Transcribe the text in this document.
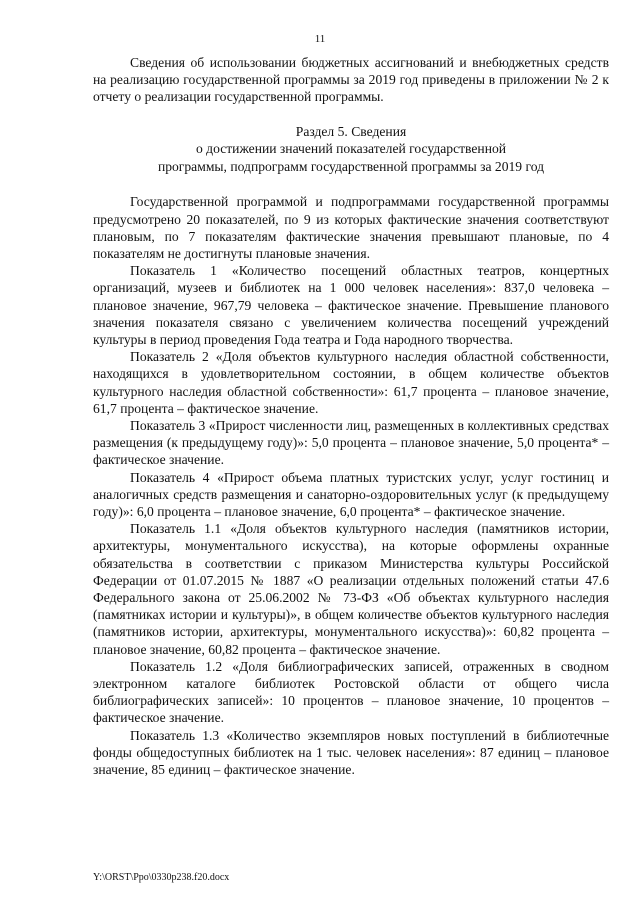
11

Сведения об использовании бюджетных ассигнований и внебюджетных средств на реализацию государственной программы за 2019 год приведены в приложении № 2 к отчету о реализации государственной программы.

Раздел 5. Сведения
о достижении значений показателей государственной
программы, подпрограмм государственной программы за 2019 год

Государственной программой и подпрограммами государственной программы предусмотрено 20 показателей, по 9 из которых фактические значения соответствуют плановым, по 7 показателям фактические значения превышают плановые, по 4 показателям не достигнуты плановые значения.

Показатель 1 «Количество посещений областных театров, концертных организаций, музеев и библиотек на 1 000 человек населения»: 837,0 человека – плановое значение, 967,79 человека – фактическое значение. Превышение планового значения показателя связано с увеличением количества посещений учреждений культуры в период проведения Года театра и Года народного творчества.

Показатель 2 «Доля объектов культурного наследия областной собственности, находящихся в удовлетворительном состоянии, в общем количестве объектов культурного наследия областной собственности»: 61,7 процента – плановое значение, 61,7 процента – фактическое значение.

Показатель 3 «Прирост численности лиц, размещенных в коллективных средствах размещения (к предыдущему году)»: 5,0 процента – плановое значение, 5,0 процента* – фактическое значение.

Показатель 4 «Прирост объема платных туристских услуг, услуг гостиниц и аналогичных средств размещения и санаторно-оздоровительных услуг (к предыдущему году)»: 6,0 процента – плановое значение, 6,0 процента* – фактическое значение.

Показатель 1.1 «Доля объектов культурного наследия (памятников истории, архитектуры, монументального искусства), на которые оформлены охранные обязательства в соответствии с приказом Министерства культуры Российской Федерации от 01.07.2015 № 1887 «О реализации отдельных положений статьи 47.6 Федерального закона от 25.06.2002 № 73-ФЗ «Об объектах культурного наследия (памятниках истории и культуры)», в общем количестве объектов культурного наследия (памятников истории, архитектуры, монументального искусства)»: 60,82 процента – плановое значение, 60,82 процента – фактическое значение.

Показатель 1.2 «Доля библиографических записей, отраженных в сводном электронном каталоге библиотек Ростовской области от общего числа библиографических записей»: 10 процентов – плановое значение, 10 процентов – фактическое значение.

Показатель 1.3 «Количество экземпляров новых поступлений в библиотечные фонды общедоступных библиотек на 1 тыс. человек населения»: 87 единиц – плановое значение, 85 единиц – фактическое значение.

Y:\ORST\Ppo\0330p238.f20.docx
